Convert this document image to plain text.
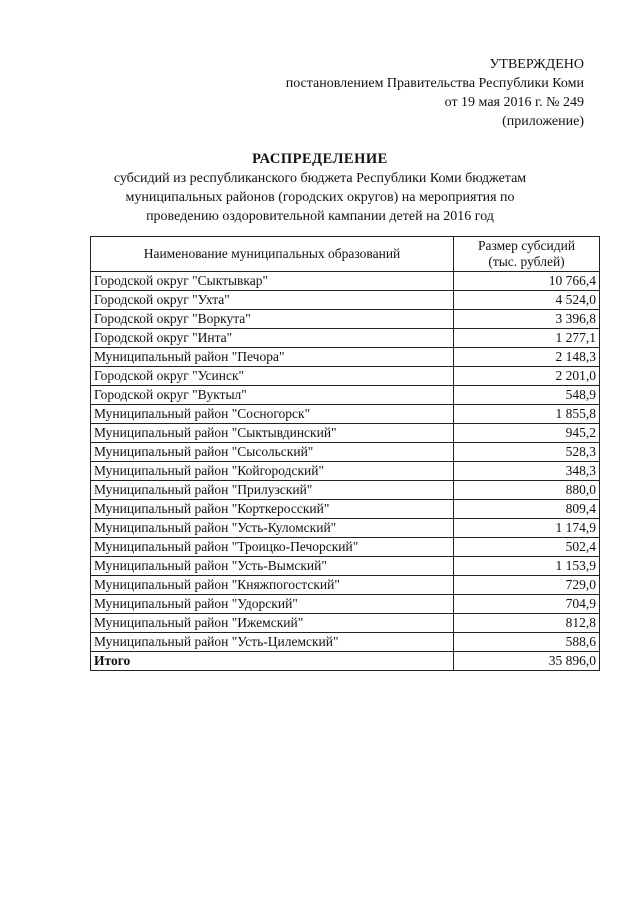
УТВЕРЖДЕНО
постановлением Правительства Республики Коми
от 19 мая 2016 г. № 249
(приложение)
РАСПРЕДЕЛЕНИЕ
субсидий из республиканского бюджета Республики Коми бюджетам
муниципальных районов (городских округов) на мероприятия по
проведению оздоровительной кампании детей на 2016 год
Наименование муниципальных образований	Размер субсидий
(тыс. рублей)

Городской округ "Сыктывкар"	10 766,4
Городской округ "Ухта"	4 524,0
Городской округ "Воркута"	3 396,8
Городской округ "Инта"	1 277,1
Муниципальный район "Печора"	2 148,3
Городской округ "Усинск"	2 201,0
Городской округ "Вуктыл"	548,9
Муниципальный район "Сосногорск"	1 855,8
Муниципальный район "Сыктывдинский"	945,2
Муниципальный район "Сысольский"	528,3
Муниципальный район "Койгородский"	348,3
Муниципальный район "Прилузский"	880,0
Муниципальный район "Корткеросский"	809,4
Муниципальный район "Усть-Куломский"	1 174,9
Муниципальный район "Троицко-Печорский"	502,4
Муниципальный район "Усть-Вымский"	1 153,9
Муниципальный район "Княжпогостский"	729,0
Муниципальный район "Удорский"	704,9
Муниципальный район "Ижемский"	812,8
Муниципальный район "Усть-Цилемский"	588,6
Итого	35 896,0
